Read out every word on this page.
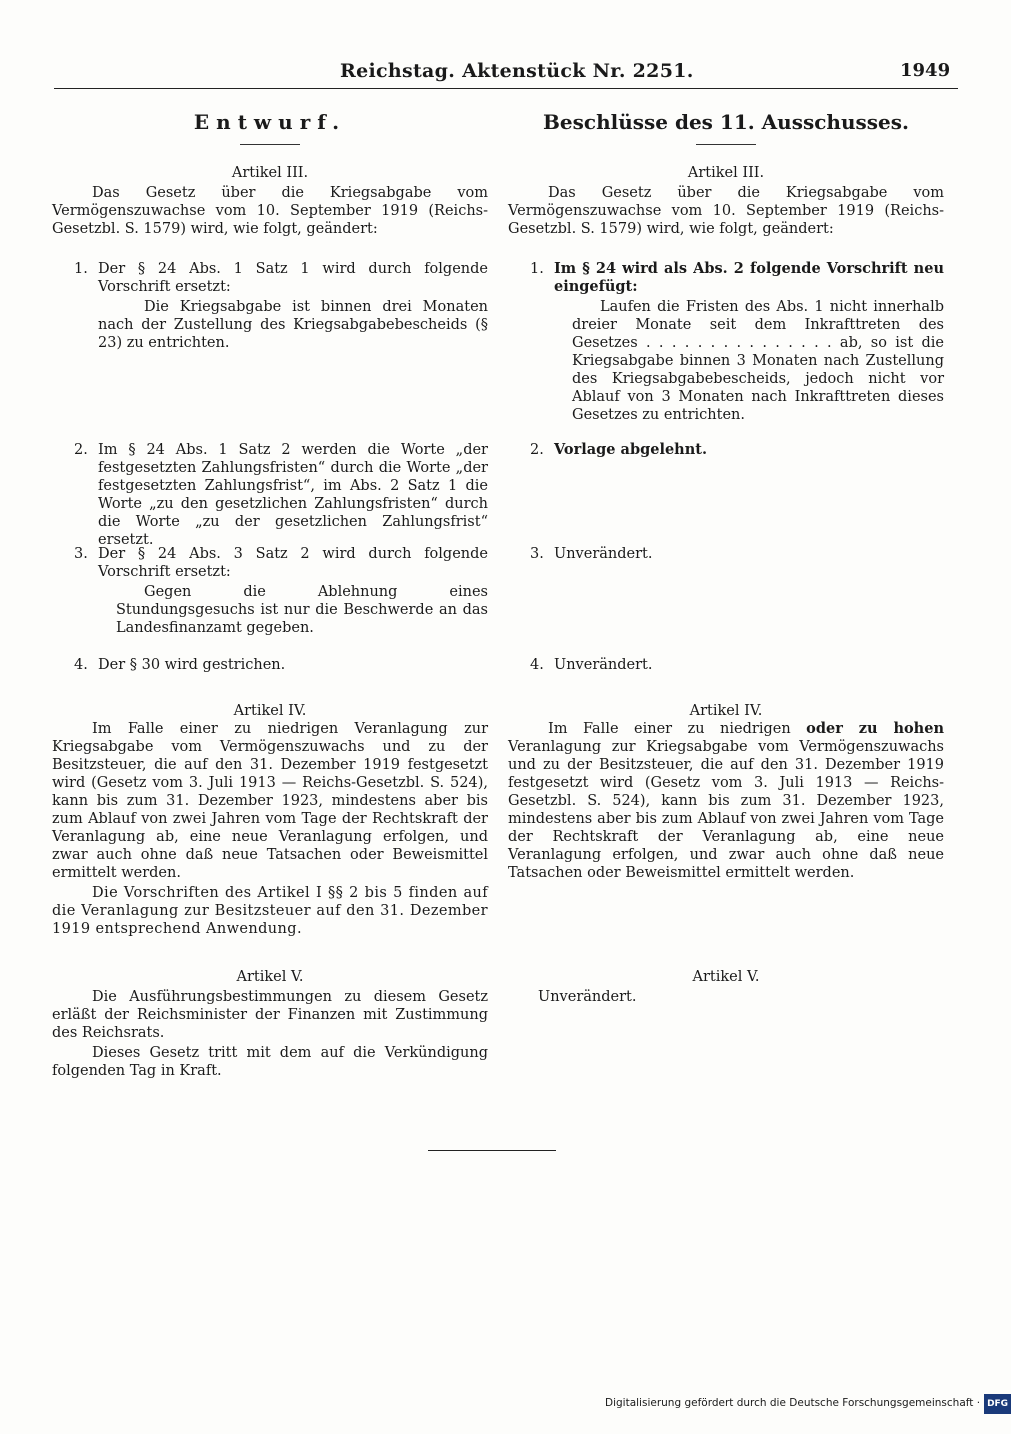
Reichstag. Aktenstück Nr. 2251.	1949
Entwurf.
Artikel III.
Das Gesetz über die Kriegsabgabe vom Vermögenszuwachse vom 10. September 1919 (Reichs-Gesetzbl. S. 1579) wird, wie folgt, geändert:
1. Der § 24 Abs. 1 Satz 1 wird durch folgende Vorschrift ersetzt:
Die Kriegsabgabe ist binnen drei Monaten nach der Zustellung des Kriegsabgabebescheids (§ 23) zu entrichten.
2. Im § 24 Abs. 1 Satz 2 werden die Worte „der festgesetzten Zahlungsfristen“ durch die Worte „der festgesetzten Zahlungsfrist“, im Abs. 2 Satz 1 die Worte „zu den gesetzlichen Zahlungsfristen“ durch die Worte „zu der gesetzlichen Zahlungsfrist“ ersetzt.
3. Der § 24 Abs. 3 Satz 2 wird durch folgende Vorschrift ersetzt:
Gegen die Ablehnung eines Stundungsgesuchs ist nur die Beschwerde an das Landesfinanzamt gegeben.
4. Der § 30 wird gestrichen.
Artikel IV.
Im Falle einer zu niedrigen Veranlagung zur Kriegsabgabe vom Vermögenszuwachs und zu der Besitzsteuer, die auf den 31. Dezember 1919 festgesetzt wird (Gesetz vom 3. Juli 1913 — Reichs-Gesetzbl. S. 524), kann bis zum 31. Dezember 1923, mindestens aber bis zum Ablauf von zwei Jahren vom Tage der Rechtskraft der Veranlagung ab, eine neue Veranlagung erfolgen, und zwar auch ohne daß neue Tatsachen oder Beweismittel ermittelt werden.
Die Vorschriften des Artikel I §§ 2 bis 5 finden auf die Veranlagung zur Besitzsteuer auf den 31. Dezember 1919 entsprechend Anwendung.
Artikel V.
Die Ausführungsbestimmungen zu diesem Gesetz erläßt der Reichsminister der Finanzen mit Zustimmung des Reichsrats.
Dieses Gesetz tritt mit dem auf die Verkündigung folgenden Tag in Kraft.
Beschlüsse des 11. Ausschusses.
Artikel III.
Das Gesetz über die Kriegsabgabe vom Vermögenszuwachse vom 10. September 1919 (Reichs-Gesetzbl. S. 1579) wird, wie folgt, geändert:
1. Im § 24 wird als Abs. 2 folgende Vorschrift neu eingefügt:
Laufen die Fristen des Abs. 1 nicht innerhalb dreier Monate seit dem Inkrafttreten des Gesetzes . . . . . . . . . . . . . . . ab, so ist die Kriegsabgabe binnen 3 Monaten nach Zustellung des Kriegsabgabebescheids, jedoch nicht vor Ablauf von 3 Monaten nach Inkrafttreten dieses Gesetzes zu entrichten.
2. Vorlage abgelehnt.
3. Unverändert.
4. Unverändert.
Artikel IV.
Im Falle einer zu niedrigen oder zu hohen Veranlagung zur Kriegsabgabe vom Vermögenszuwachs und zu der Besitzsteuer, die auf den 31. Dezember 1919 festgesetzt wird (Gesetz vom 3. Juli 1913 — Reichs-Gesetzbl. S. 524), kann bis zum 31. Dezember 1923, mindestens aber bis zum Ablauf von zwei Jahren vom Tage der Rechtskraft der Veranlagung ab, eine neue Veranlagung erfolgen, und zwar auch ohne daß neue Tatsachen oder Beweismittel ermittelt werden.
Artikel V.
Unverändert.
Digitalisierung gefördert durch die Deutsche Forschungsgemeinschaft · DFG
